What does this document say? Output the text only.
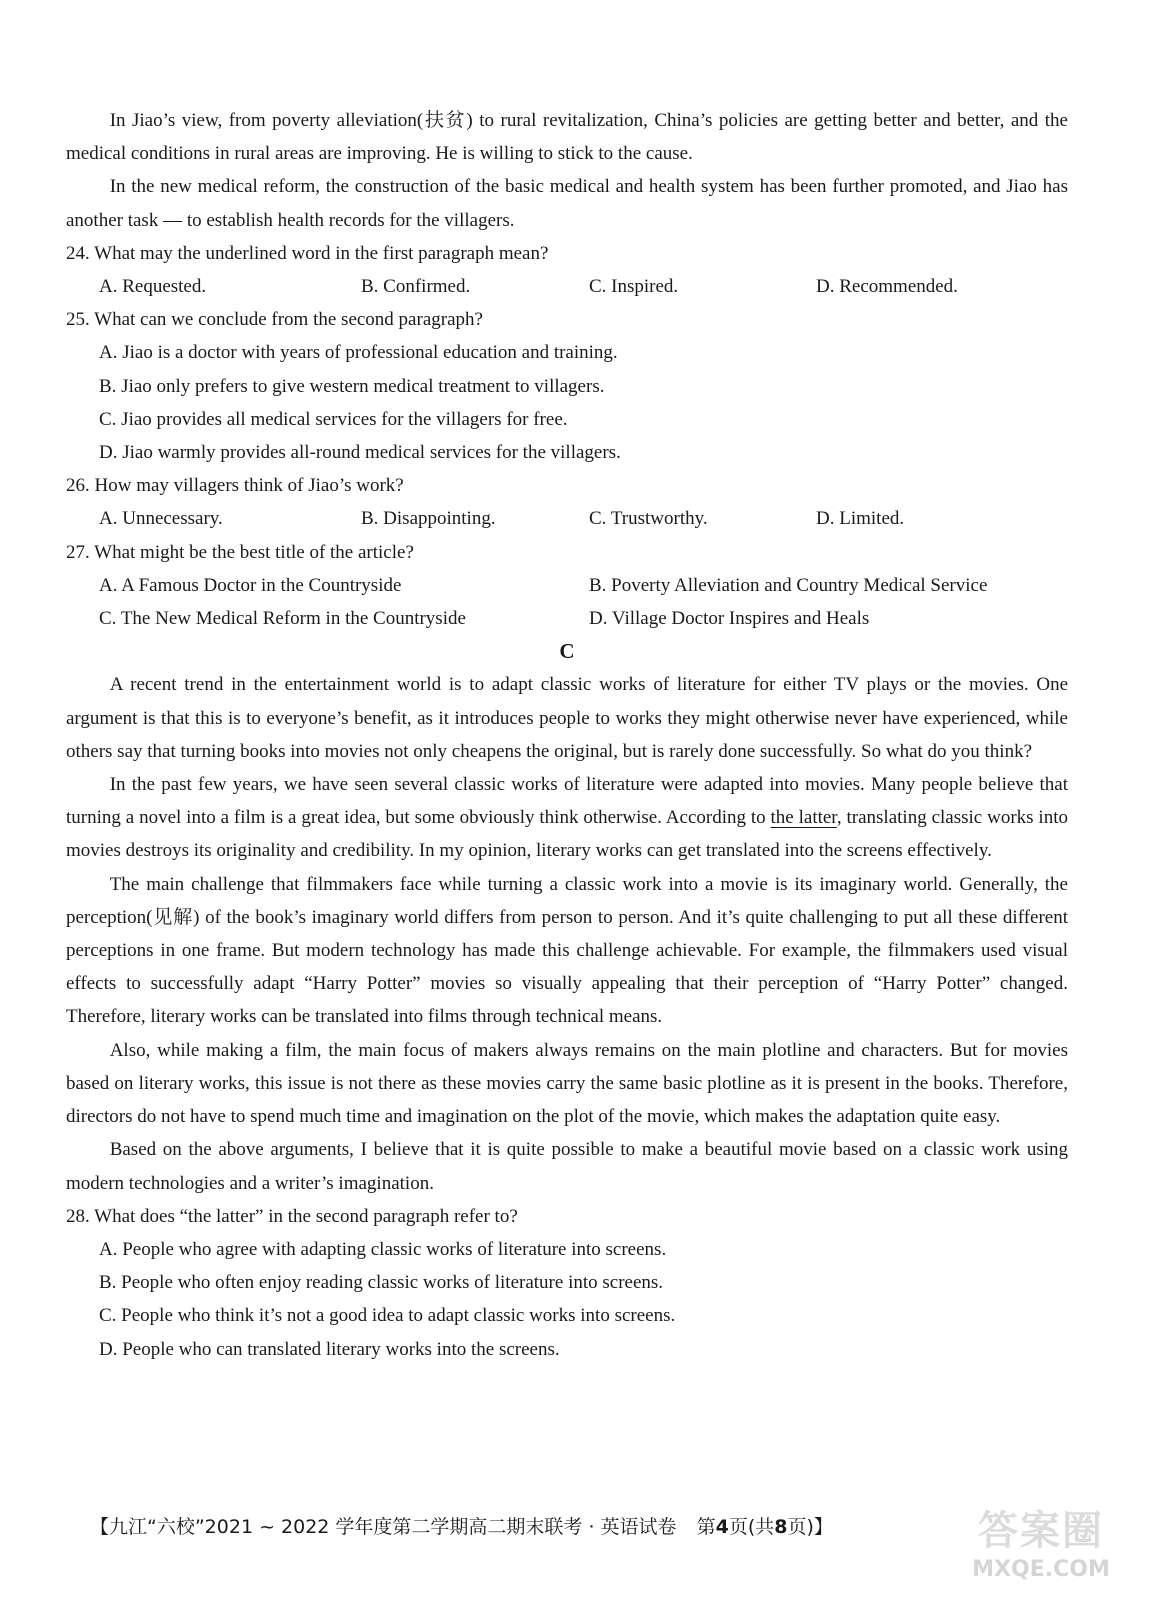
In Jiao’s view, from poverty alleviation(扶贫) to rural revitalization, China’s policies are getting better and better, and the medical conditions in rural areas are improving. He is willing to stick to the cause.

In the new medical reform, the construction of the basic medical and health system has been further promoted, and Jiao has another task — to establish health records for the villagers.

24. What may the underlined word in the first paragraph mean?

A. Requested.	B. Confirmed.	C. Inspired.	D. Recommended.

25. What can we conclude from the second paragraph?

A. Jiao is a doctor with years of professional education and training.

B. Jiao only prefers to give western medical treatment to villagers.

C. Jiao provides all medical services for the villagers for free.

D. Jiao warmly provides all-round medical services for the villagers.

26. How may villagers think of Jiao’s work?

A. Unnecessary.	B. Disappointing.	C. Trustworthy.	D. Limited.

27. What might be the best title of the article?

A. A Famous Doctor in the Countryside	B. Poverty Alleviation and Country Medical Service
C. The New Medical Reform in the Countryside	D. Village Doctor Inspires and Heals
C

A recent trend in the entertainment world is to adapt classic works of literature for either TV plays or the movies. One argument is that this is to everyone’s benefit, as it introduces people to works they might otherwise never have experienced, while others say that turning books into movies not only cheapens the original, but is rarely done successfully. So what do you think?

In the past few years, we have seen several classic works of literature were adapted into movies. Many people believe that turning a novel into a film is a great idea, but some obviously think otherwise. According to the latter, translating classic works into movies destroys its originality and credibility. In my opinion, literary works can get translated into the screens effectively.

The main challenge that filmmakers face while turning a classic work into a movie is its imaginary world. Generally, the perception(见解) of the book’s imaginary world differs from person to person. And it’s quite challenging to put all these different perceptions in one frame. But modern technology has made this challenge achievable. For example, the filmmakers used visual effects to successfully adapt “Harry Potter” movies so visually appealing that their perception of “Harry Potter” changed. Therefore, literary works can be translated into films through technical means.

Also, while making a film, the main focus of makers always remains on the main plotline and characters. But for movies based on literary works, this issue is not there as these movies carry the same basic plotline as it is present in the books. Therefore, directors do not have to spend much time and imagination on the plot of the movie, which makes the adaptation quite easy.

Based on the above arguments, I believe that it is quite possible to make a beautiful movie based on a classic work using modern technologies and a writer’s imagination.

28. What does “the latter” in the second paragraph refer to?

A. People who agree with adapting classic works of literature into screens.

B. People who often enjoy reading classic works of literature into screens.

C. People who think it’s not a good idea to adapt classic works into screens.

D. People who can translated literary works into the screens.

【九江“六校”2021 ~ 2022 学年度第二学期高二期末联考 · 英语试卷 第4页(共8页)】	答案圈
MXQE.COM
